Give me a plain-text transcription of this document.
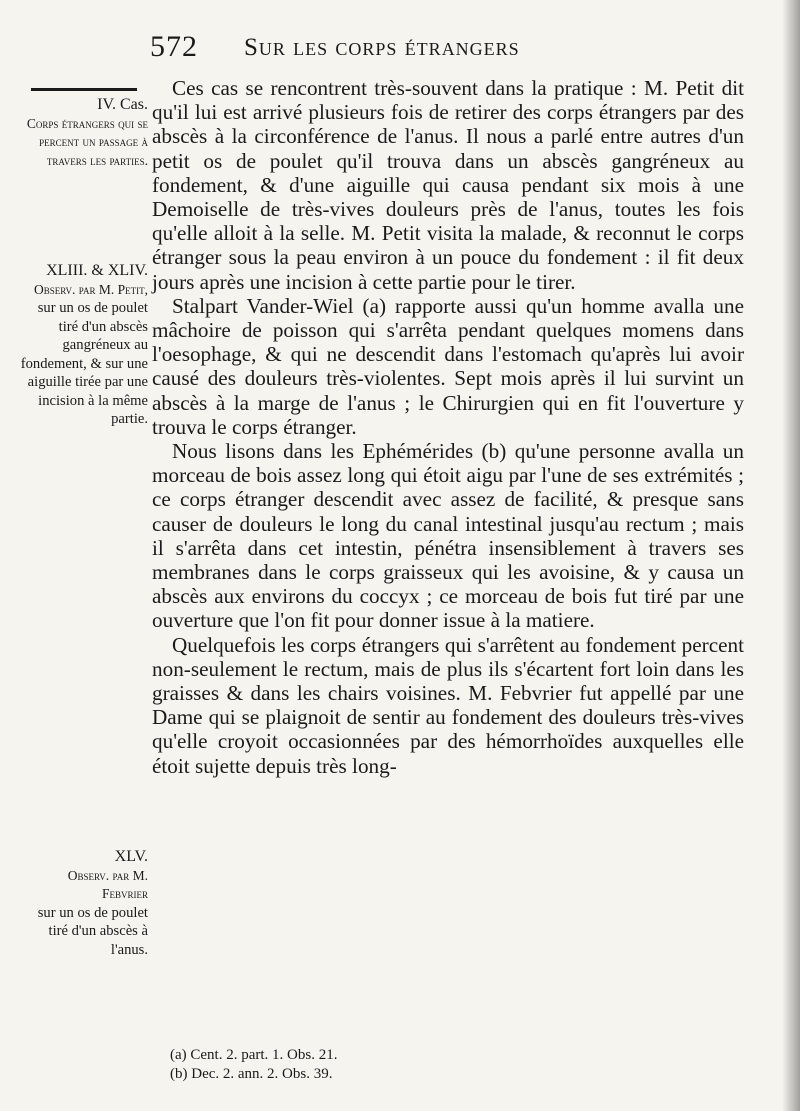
572 Sur les corps étrangers
IV. Cas.
Corps étrangers qui se percent un passage à travers les parties.
XLIII. & XLIV.
Observ. par M. Petit,
sur un os de poulet tiré d'un abscès gangréneux au fondement, & sur une aiguille tirée par une incision à la même partie.
XLV.
Observ. par M. Febvrier
sur un os de poulet tiré d'un abscès à l'anus.

Ces cas se rencontrent très-souvent dans la pratique : M. Petit dit qu'il lui est arrivé plusieurs fois de retirer des corps étrangers par des abscès à la circonférence de l'anus. Il nous a parlé entre autres d'un petit os de poulet qu'il trouva dans un abscès gangréneux au fondement, & d'une aiguille qui causa pendant six mois à une Demoiselle de très-vives douleurs près de l'anus, toutes les fois qu'elle alloit à la selle. M. Petit visita la malade, & reconnut le corps étranger sous la peau environ à un pouce du fondement : il fit deux jours après une incision à cette partie pour le tirer.

Stalpart Vander-Wiel (a) rapporte aussi qu'un homme avalla une mâchoire de poisson qui s'arrêta pendant quelques momens dans l'oesophage, & qui ne descendit dans l'estomach qu'après lui avoir causé des douleurs très-violentes. Sept mois après il lui survint un abscès à la marge de l'anus ; le Chirurgien qui en fit l'ouverture y trouva le corps étranger.

Nous lisons dans les Ephémérides (b) qu'une personne avalla un morceau de bois assez long qui étoit aigu par l'une de ses extrémités ; ce corps étranger descendit avec assez de facilité, & presque sans causer de douleurs le long du canal intestinal jusqu'au rectum ; mais il s'arrêta dans cet intestin, pénétra insensiblement à travers ses membranes dans le corps graisseux qui les avoisine, & y causa un abscès aux environs du coccyx ; ce morceau de bois fut tiré par une ouverture que l'on fit pour donner issue à la matiere.

Quelquefois les corps étrangers qui s'arrêtent au fondement percent non-seulement le rectum, mais de plus ils s'écartent fort loin dans les graisses & dans les chairs voisines. M. Febvrier fut appellé par une Dame qui se plaignoit de sentir au fondement des douleurs très-vives qu'elle croyoit occasionnées par des hémorrhoïdes auxquelles elle étoit sujette depuis très long-

(a) Cent. 2. part. 1. Obs. 21.
(b) Dec. 2. ann. 2. Obs. 39.
